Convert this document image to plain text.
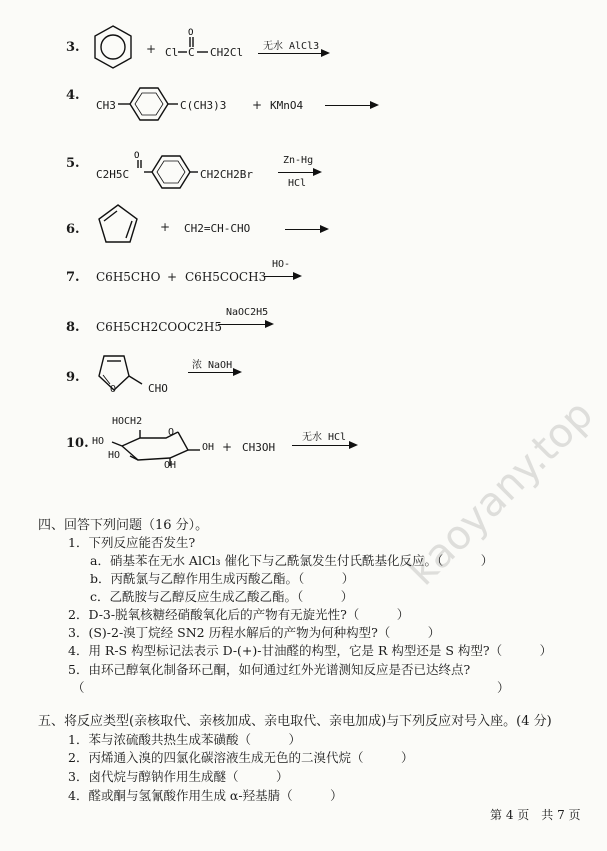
kaoyany.top
3.	+
O
Cl C CH2Cl 无水 AlCl3
4.
CH3	C(CH3)3 + KMnO4 →
5.
C2H5C
O
CH2CH2Br
Zn-Hg
HCl
6.	+ CH2=CH-CHO
7. C6H5CHO + C6H5COCH3
HO-
8. C6H5CH2COOC2H5
NaOC2H5
9.
O	CHO
浓 NaOH
10.
HOCH2
HO
HO
OH
OH
O
+ CH3OH
无水 HCl
四、回答下列问题（16 分）。
1．下列反应能否发生?
a．硝基苯在无水 AlCl₃ 催化下与乙酰氯发生付氏酰基化反应。（　　　）
b．丙酰氯与乙醇作用生成丙酸乙酯。（　　　）
c．乙酰胺与乙醇反应生成乙酸乙酯。（　　　）
2．D-3-脱氧核糖经硝酸氧化后的产物有无旋光性?（　　　）
3．(S)-2-溴丁烷经 SN2 历程水解后的产物为何种构型?（　　　）
4．用 R-S 构型标记法表示 D-(+)-甘油醛的构型，它是 R 构型还是 S 构型?（　　　）
5．由环己醇氧化制备环己酮，如何通过红外光谱测知反应是否已达终点?
（　　　　　　　　　　　　　　　　　　　　　　　　　　　　　　　　　）
五、将反应类型(亲核取代、亲核加成、亲电取代、亲电加成)与下列反应对号入座。(4 分)
1．苯与浓硫酸共热生成苯磺酸（　　　）
2．丙烯通入溴的四氯化碳溶液生成无色的二溴代烷（　　　）
3．卤代烷与醇钠作用生成醚（　　　）
4．醛或酮与氢氰酸作用生成 α-羟基腈（　　　）
第 4 页　共 7 页
